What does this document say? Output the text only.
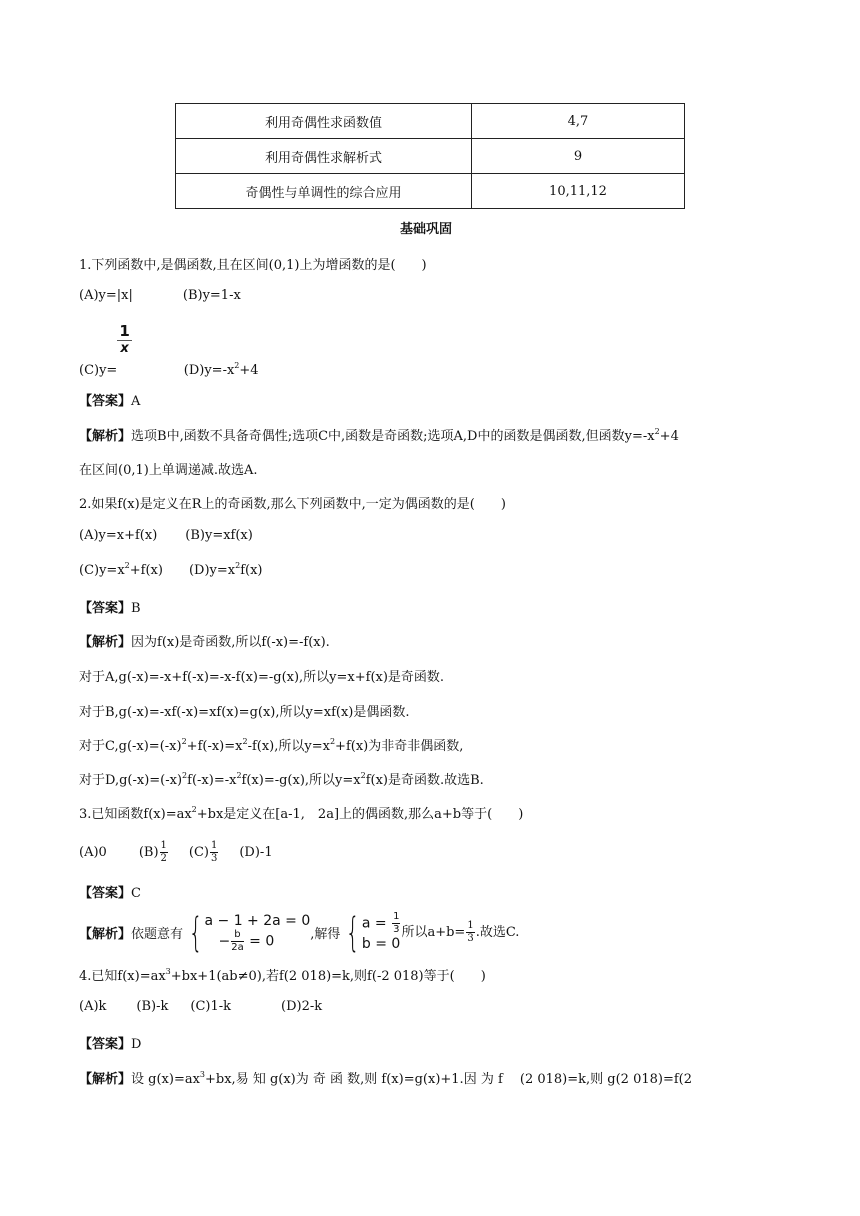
利用奇偶性求函数值	4,7
利用奇偶性求解析式	9
奇偶性与单调性的综合应用	10,11,12
基础巩固
1.下列函数中,是偶函数,且在区间(0,1)上为增函数的是(　　)
(A)y=|x|	(B)y=1-x
(C)y=
$\frac{1}{x}$
$(D)y=-x^2+4$
【答案】A
【解析】选项B中,函数不具备奇偶性;选项C中,函数是奇函数;选项A,D中的函数是偶函数,但函数$y=-x^2+4$
在区间(0,1)上单调递减.故选A.
2.如果f(x)是定义在R上的奇函数,那么下列函数中,一定为偶函数的是(　　)
(A)y=x+f(x) (B)y=xf(x)
$(C)y=x^2+f(x)$ $(D)y=x^2f(x)$
【答案】B
【解析】因为f(x)是奇函数,所以f(-x)=-f(x).
对于A,g(-x)=-x+f(-x)=-x-f(x)=-g(x),所以y=x+f(x)是奇函数.
对于B,g(-x)=-xf(-x)=xf(x)=g(x),所以y=xf(x)是偶函数.
对于$C,g(-x)=(-x)^2+f(-x)=x^2-f(x)$,所以$y=x^2+f(x)$为非奇非偶函数,
对于$D,g(-x)=(-x)^2f(-x)=-x^2f(x)=-g(x)$,所以$y=x^2f(x)$是奇函数.故选B.
3.已知函数$f(x)=ax^2+bx$是定义在[a-1,　2a]上的偶函数,那么a+b等于(　　)
(A)0 $(B) \frac{1}{2} (C) \frac{1}{3} (D)-1$
【答案】C
【解析】依题意有 { a − 1 + 2a = 0
− $\frac{b}{2a} = 0$	,解得 { $a = \frac{1}{3}$
b = 0
所以$a+b= \frac{1}{3}$ .故选C.
4.已知$f(x)=ax^3+bx+1(ab\ne 0)$,若f(2 018)=k,则f(-2 018)等于(　　)
(A)k (B)-k (C)1-k	(D)2-k
【答案】D
【解析】设 $g(x)=ax^3+bx$,易 知 g(x)为 奇 函 数,则 f(x)=g(x)+1.因 为 f　 (2 018)=k,则 g(2 018)=f(2
